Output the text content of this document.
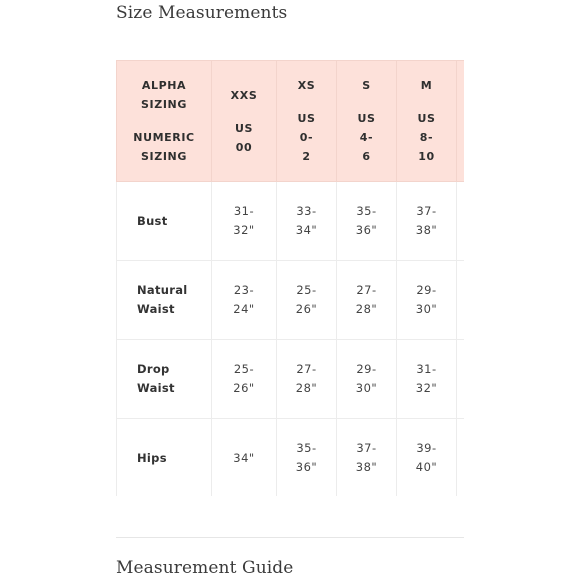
Size Measurements
ALPHA
SIZING
NUMERIC
SIZING	XXS
US
00	XS
US
0-
2	S
US
4-
6	M
US
8-
10	

Bust	31-
32"	33-
34"	35-
36"	37-
38"	

Natural
Waist	23-
24"	25-
26"	27-
28"	29-
30"	

Drop
Waist	25-
26"	27-
28"	29-
30"	31-
32"	

Hips	34"	35-
36"	37-
38"	39-
40"	

Measurement Guide
